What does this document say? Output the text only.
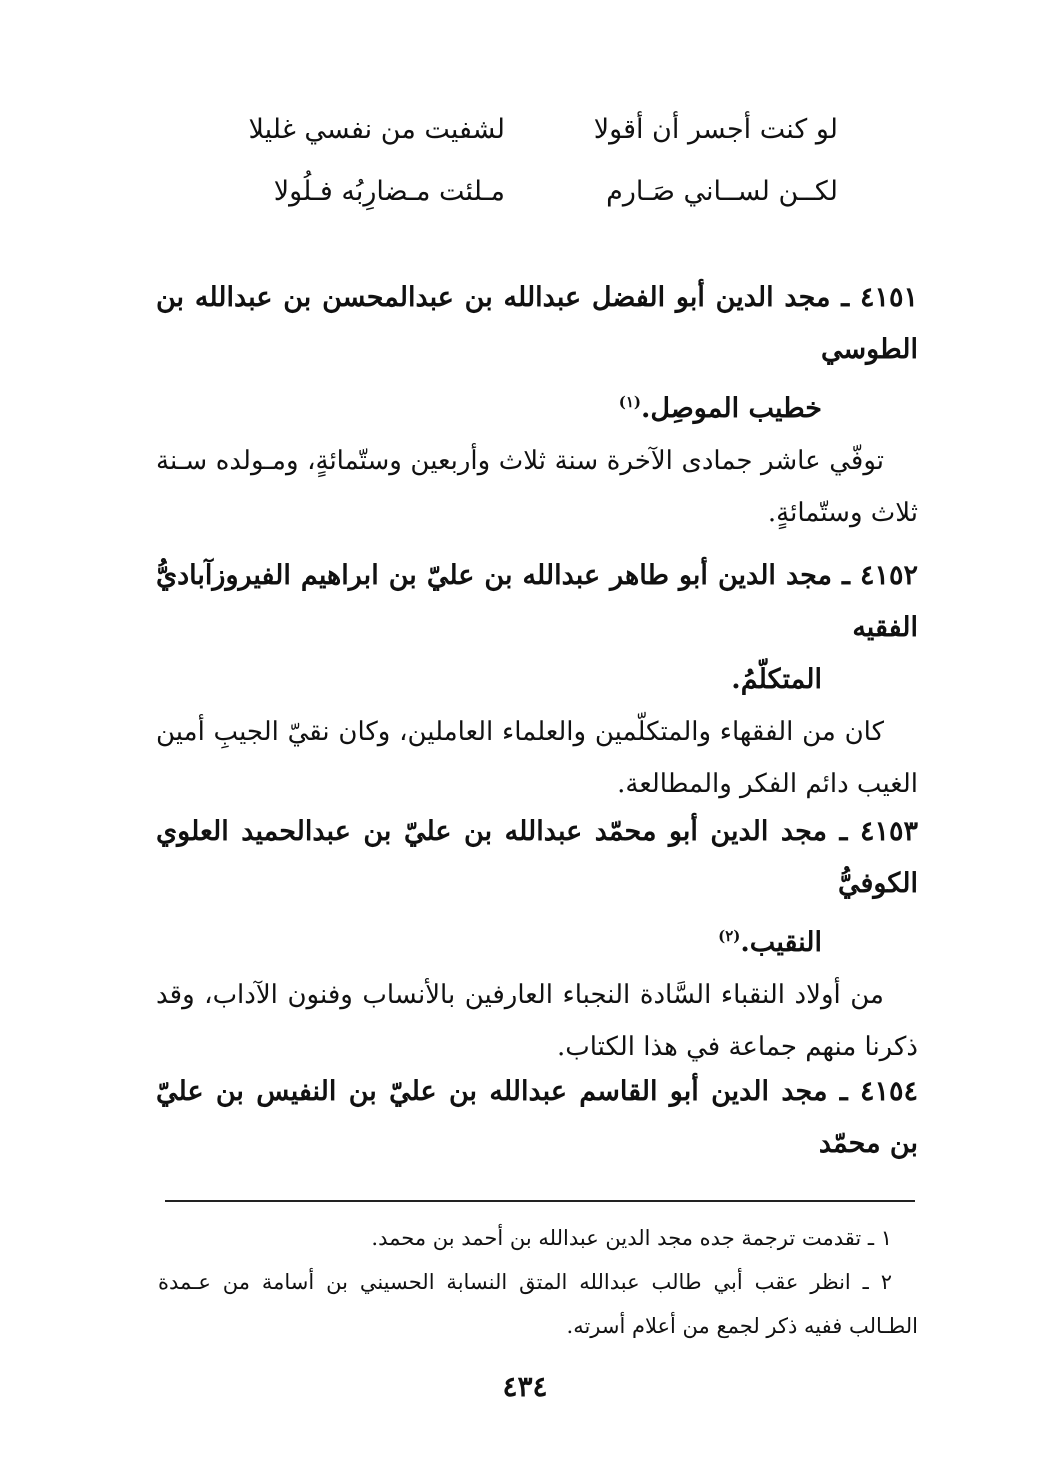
لو كنت أجسر أن أقولا
لشفيت من نفسي غليلا
لكــن لســاني صَـارم
مـلئت مـضارِبُه فـلُولا
٤١٥١ ـ مجد الدين أبو الفضل عبدالله بن عبدالمحسن بن عبدالله بن الطوسي
خطيب الموصِل.$^{(١)}$
توفّي عاشر جمادى الآخرة سنة ثلاث وأربعين وستّمائةٍ، ومـولده سـنة ثلاث وستّمائةٍ.
٤١٥٢ ـ مجد الدين أبو طاهر عبدالله بن عليّ بن ابراهيم الفيروزآباديُّ الفقيه
المتكلّمُ.
كان من الفقهاء والمتكلّمين والعلماء العاملين، وكان نقيّ الجيبِ أمين الغيب دائم الفكر والمطالعة.
٤١٥٣ ـ مجد الدين أبو محمّد عبدالله بن عليّ بن عبدالحميد العلوي الكوفيُّ
النقيب.$^{(٢)}$
من أولاد النقباء السَّادة النجباء العارفين بالأنساب وفنون الآداب، وقد ذكرنا منهم جماعة في هذا الكتاب.
٤١٥٤ ـ مجد الدين أبو القاسم عبدالله بن عليّ بن النفيس بن عليّ بن محمّد
١ ـ تقدمت ترجمة جده مجد الدين عبدالله بن أحمد بن محمد.
٢ ـ انظر عقب أبي طالب عبدالله المتق النسابة الحسيني بن أسامة من عـمدة الطـالب ففيه ذكر لجمع من أعلام أسرته.
٤٣٤
